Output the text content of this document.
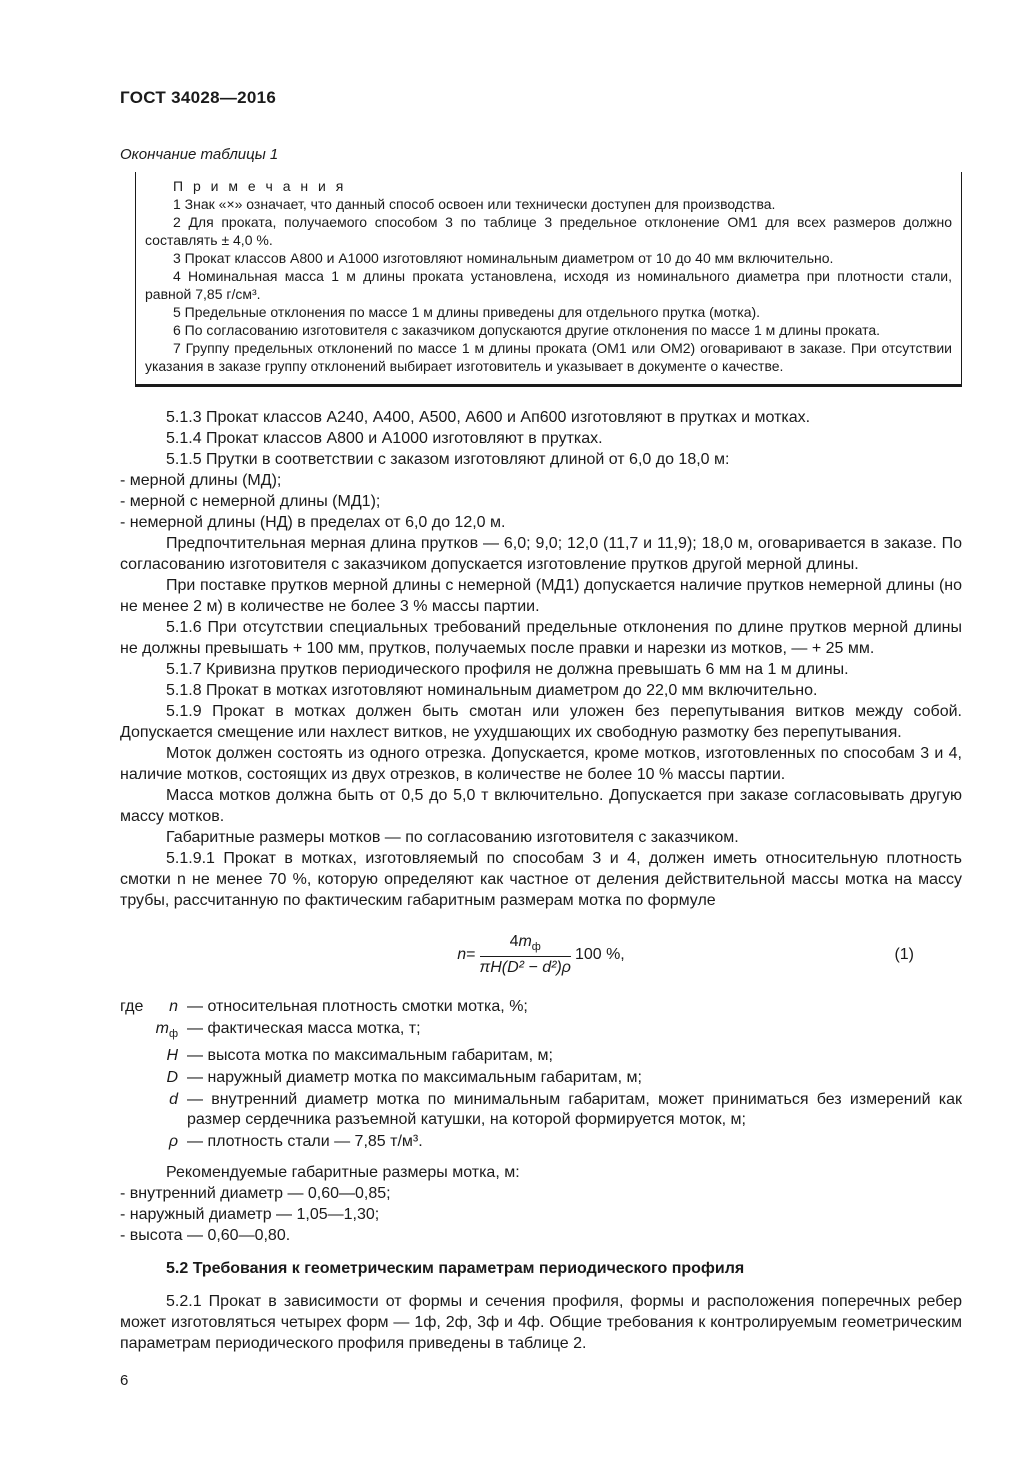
ГОСТ 34028—2016
Окончание таблицы 1

П р и м е ч а н и я

1 Знак «×» означает, что данный способ освоен или технически доступен для производства.

2 Для проката, получаемого способом 3 по таблице 3 предельное отклонение ОМ1 для всех размеров должно составлять ± 4,0 %.

3 Прокат классов А800 и А1000 изготовляют номинальным диаметром от 10 до 40 мм включительно.

4 Номинальная масса 1 м длины проката установлена, исходя из номинального диаметра при плотности стали, равной 7,85 г/см³.

5 Предельные отклонения по массе 1 м длины приведены для отдельного прутка (мотка).

6 По согласованию изготовителя с заказчиком допускаются другие отклонения по массе 1 м длины проката.

7 Группу предельных отклонений по массе 1 м длины проката (ОМ1 или ОМ2) оговаривают в заказе. При отсутствии указания в заказе группу отклонений выбирает изготовитель и указывает в документе о качестве.

5.1.3 Прокат классов А240, А400, А500, А600 и Ап600 изготовляют в прутках и мотках.

5.1.4 Прокат классов А800 и А1000 изготовляют в прутках.

5.1.5 Прутки в соответствии с заказом изготовляют длиной от 6,0 до 18,0 м:

- мерной длины (МД);

- мерной с немерной длины (МД1);

- немерной длины (НД) в пределах от 6,0 до 12,0 м.

Предпочтительная мерная длина прутков — 6,0; 9,0; 12,0 (11,7 и 11,9); 18,0 м, оговаривается в заказе. По согласованию изготовителя с заказчиком допускается изготовление прутков другой мерной длины.

При поставке прутков мерной длины с немерной (МД1) допускается наличие прутков немерной длины (но не менее 2 м) в количестве не более 3 % массы партии.

5.1.6 При отсутствии специальных требований предельные отклонения по длине прутков мерной длины не должны превышать + 100 мм, прутков, получаемых после правки и нарезки из мотков, — + 25 мм.

5.1.7 Кривизна прутков периодического профиля не должна превышать 6 мм на 1 м длины.

5.1.8 Прокат в мотках изготовляют номинальным диаметром до 22,0 мм включительно.

5.1.9 Прокат в мотках должен быть смотан или уложен без перепутывания витков между собой. Допускается смещение или нахлест витков, не ухудшающих их свободную размотку без перепутывания.

Моток должен состоять из одного отрезка. Допускается, кроме мотков, изготовленных по способам 3 и 4, наличие мотков, состоящих из двух отрезков, в количестве не более 10 % массы партии.

Масса мотков должна быть от 0,5 до 5,0 т включительно. Допускается при заказе согласовывать другую массу мотков.

Габаритные размеры мотков — по согласованию изготовителя с заказчиком.

5.1.9.1 Прокат в мотках, изготовляемый по способам 3 и 4, должен иметь относительную плотность смотки n не менее 70 %, которую определяют как частное от деления действительной массы мотка на массу трубы, рассчитанную по фактическим габаритным размерам мотка по формуле

$n = \frac{4m_ф}{\text{πH(D² − d²)ρ}} 100$ %,	(1)
где	n — относительная плотность смотки мотка, %;
$m_ф$ — фактическая масса мотка, т;
H — высота мотка по максимальным габаритам, м;
D — наружный диаметр мотка по максимальным габаритам, м;
d — внутренний диаметр мотка по минимальным габаритам, может приниматься без измерений как размер сердечника разъемной катушки, на которой формируется моток, м;
ρ — плотность стали — 7,85 т/м³.

Рекомендуемые габаритные размеры мотка, м:

- внутренний диаметр — 0,60—0,85;

- наружный диаметр — 1,05—1,30;

- высота — 0,60—0,80.

5.2 Требования к геометрическим параметрам периодического профиля

5.2.1 Прокат в зависимости от формы и сечения профиля, формы и расположения поперечных ребер может изготовляться четырех форм — 1ф, 2ф, 3ф и 4ф. Общие требования к контролируемым геометрическим параметрам периодического профиля приведены в таблице 2.

6
